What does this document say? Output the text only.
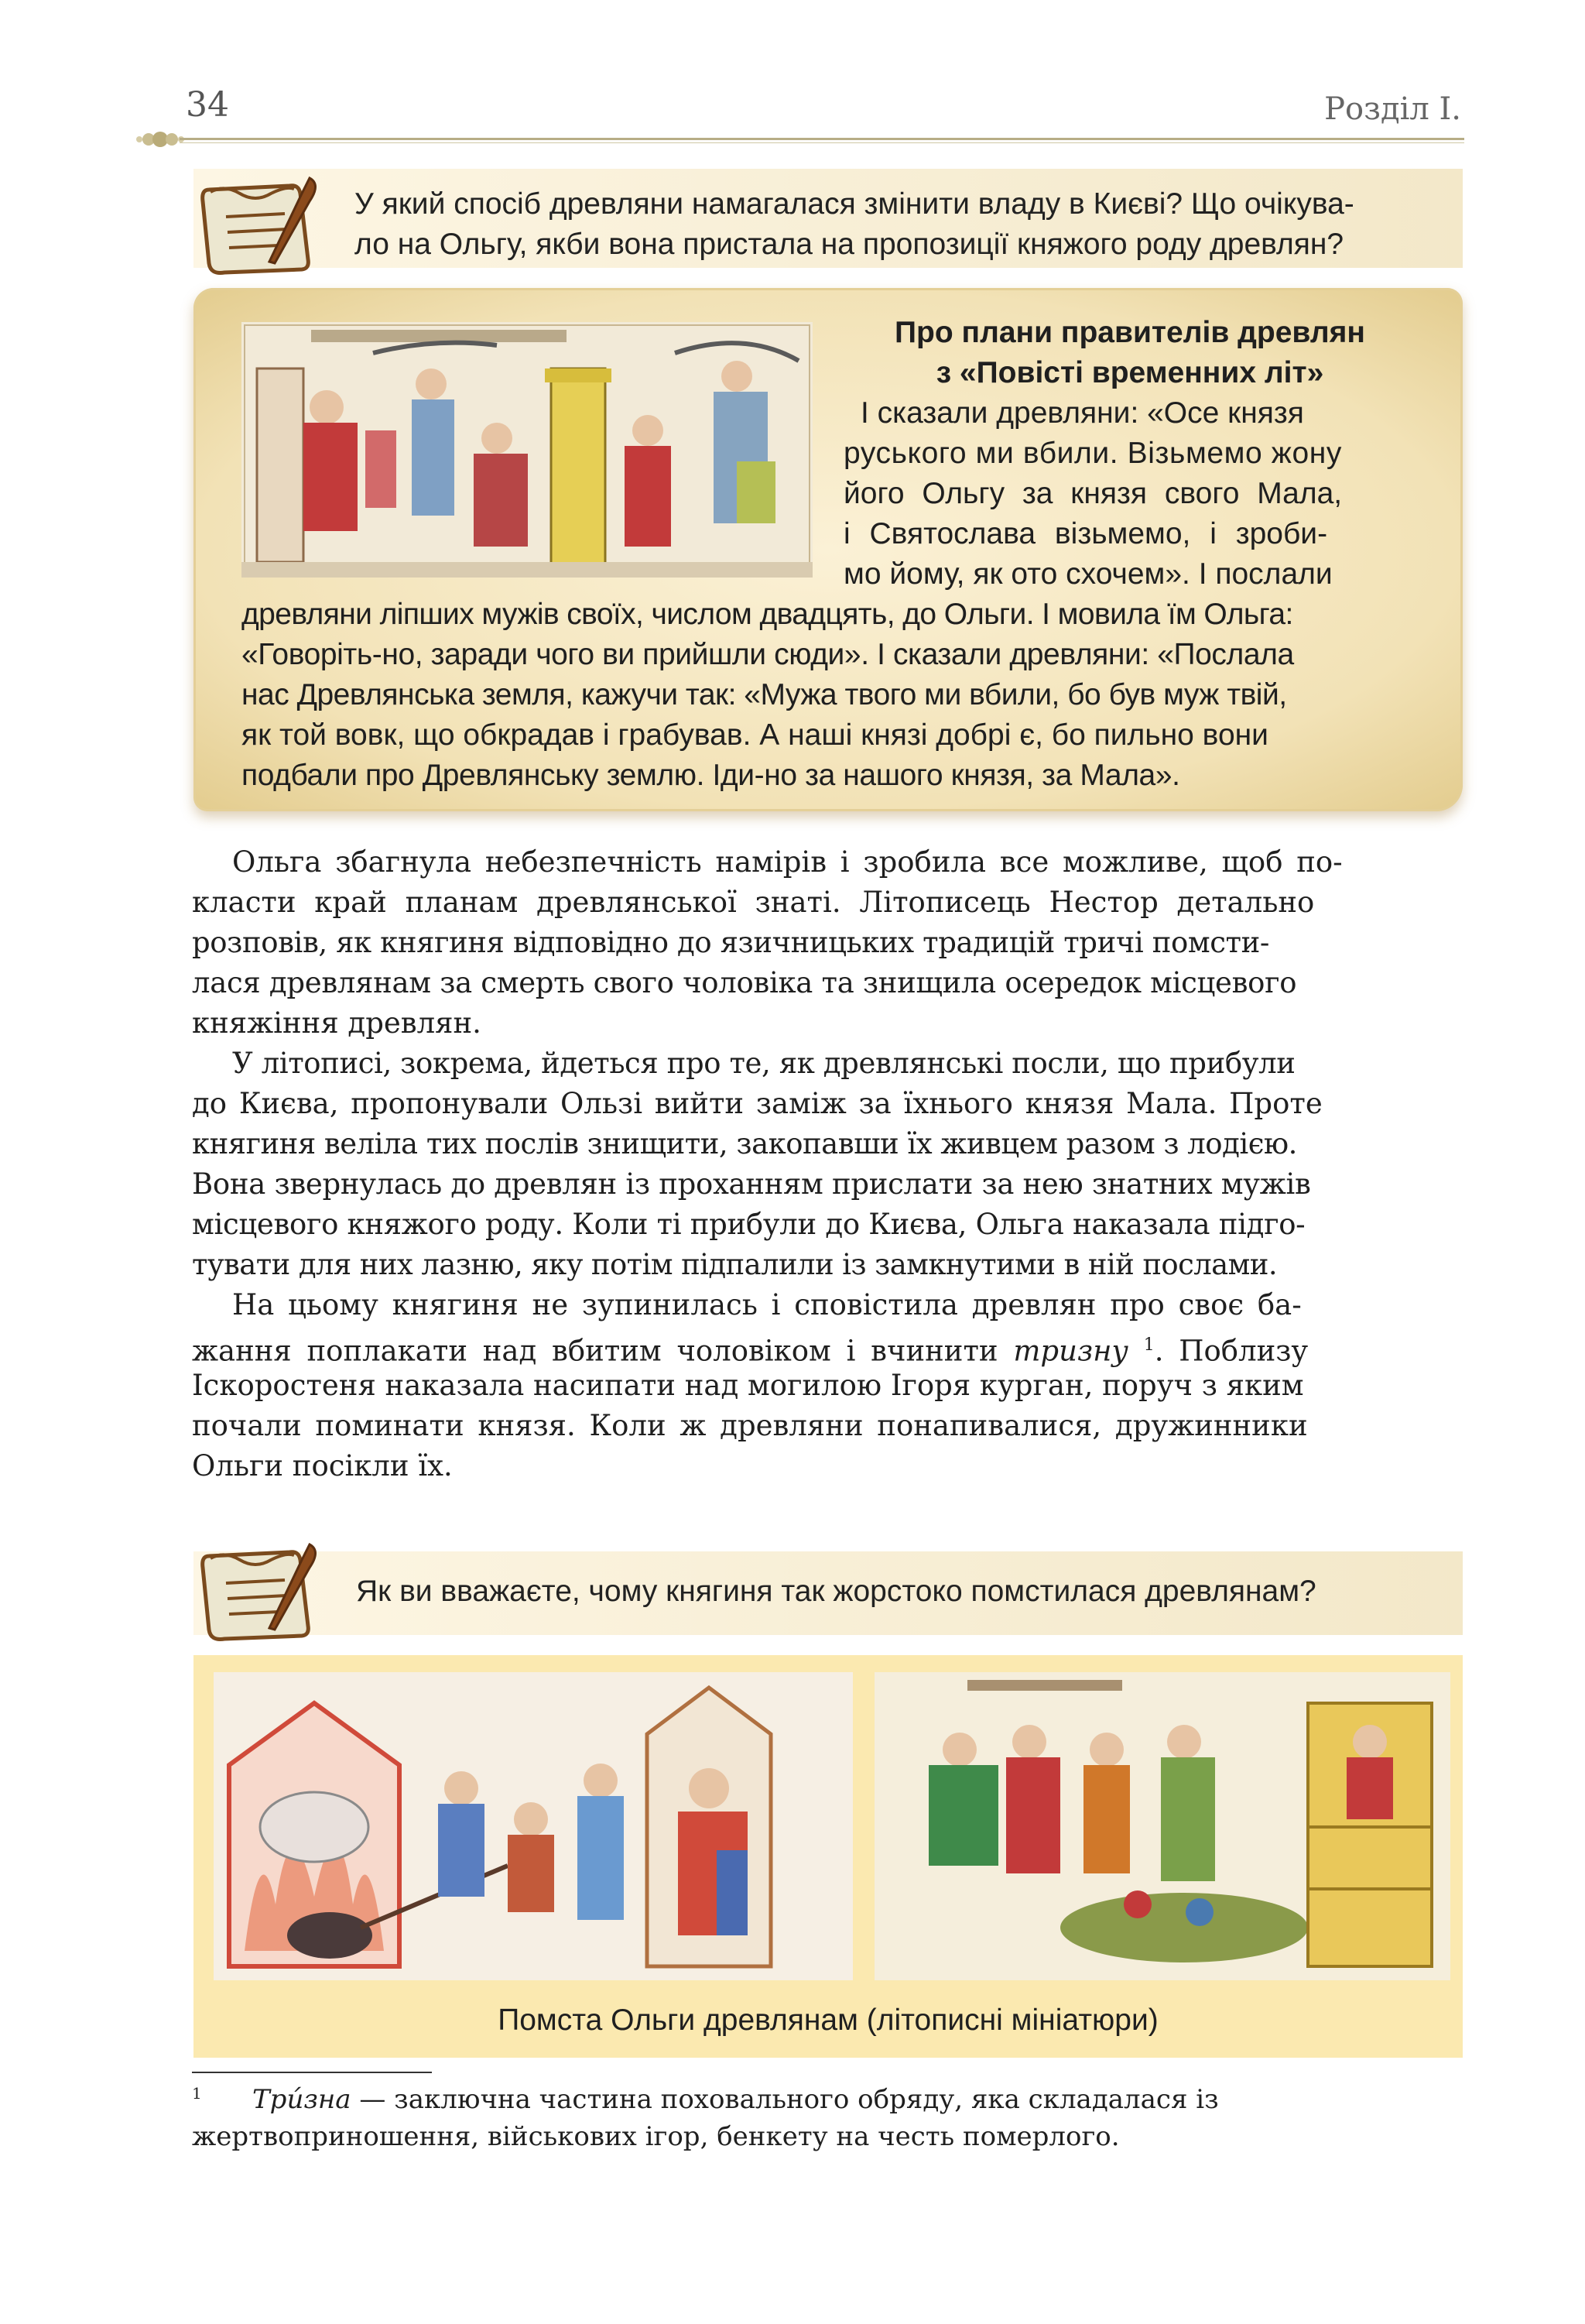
34	Розділ I.
У який спосіб древляни намагалася змінити владу в Києві? Що очікува-
ло на Ольгу, якби вона пристала на пропозиції княжого роду древлян?
Про плани правителів древлян
з «Повісті временних літ»
І сказали древляни: «Осе князя
руського ми вбили. Візьмемо жону
його Ольгу за князя свого Мала,
і Святослава візьмемо, і зроби-
мо йому, як ото схочем». І послали
древляни ліпших мужів своїх, числом двадцять, до Ольги. І мовила їм Ольга:
«Говоріть-но, заради чого ви прийшли сюди». І сказали древляни: «Послала
нас Древлянська земля, кажучи так: «Мужа твого ми вбили, бо був муж твій,
як той вовк, що обкрадав і грабував. А наші князі добрі є, бо пильно вони
подбали про Древлянську землю. Іди-но за нашого князя, за Мала».
Ольга збагнула небезпечність намірів і зробила все можливе, щоб по-
класти край планам древлянської знаті. Літописець Нестор детально
розповів, як княгиня відповідно до язичницьких традицій тричі помсти-
лася древлянам за смерть свого чоловіка та знищила осередок місцевого
княжіння древлян.
У літописі, зокрема, йдеться про те, як древлянські посли, що прибули
до Києва, пропонували Ользі вийти заміж за їхнього князя Мала. Проте
княгиня веліла тих послів знищити, закопавши їх живцем разом з лодією.
Вона звернулась до древлян із проханням прислати за нею знатних мужів
місцевого княжого роду. Коли ті прибули до Києва, Ольга наказала підго-
тувати для них лазню, яку потім підпалили із замкнутими в ній послами.
На цьому княгиня не зупинилась і сповістила древлян про своє ба-
жання поплакати над вбитим чоловіком і вчинити тризну $^1$. Поблизу
Іскоростеня наказала насипати над могилою Ігоря курган, поруч з яким
почали поминати князя. Коли ж древляни понапивалися, дружинники
Ольги посікли їх.
Як ви вважаєте, чому княгиня так жорстоко помстилася древлянам?
Помста Ольги древлянам (літописні мініатюри)
1 Три́зна — заключна частина поховального обряду, яка складалася із
жертвоприношення, військових ігор, бенкету на честь померлого.
